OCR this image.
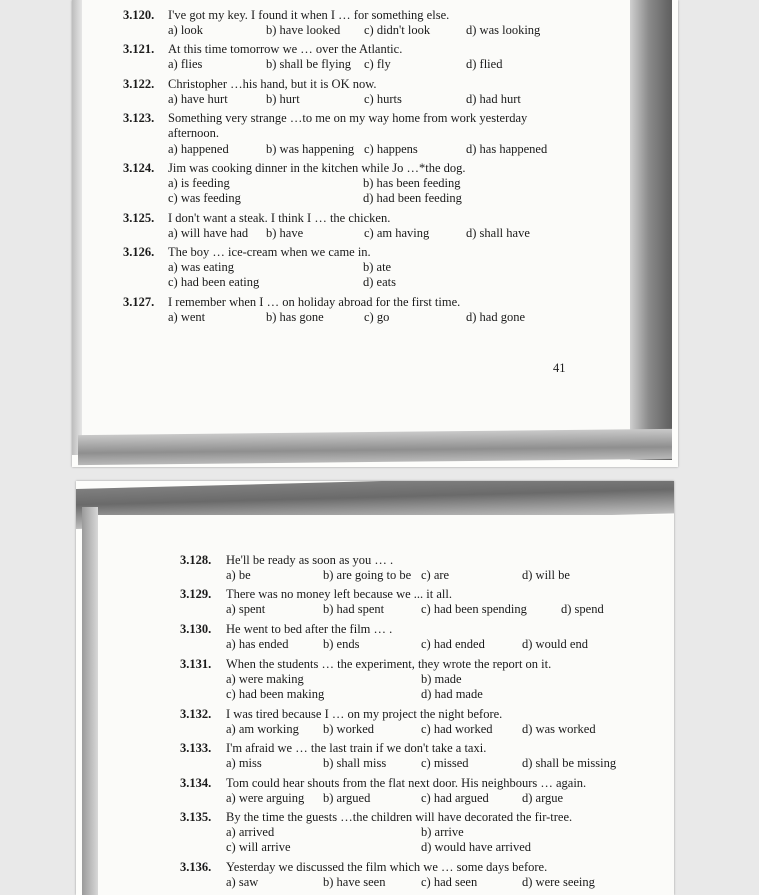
3.120. I've got my key. I found it when I … for something else.
a) look	b) have looked c) didn't look	d) was looking
3.121. At this time tomorrow we … over the Atlantic.
a) flies	b) shall be flying c) fly	d) flied
3.122. Christopher …his hand, but it is OK now.
a) have hurt	b) hurt	c) hurts	d) had hurt
3.123. Something very strange …to me on my way home from work yesterday afternoon.
a) happened	b) was happening c) happens	d) has happened
3.124. Jim was cooking dinner in the kitchen while Jo …*the dog.
a) is feeding	b) has been feeding
c) was feeding	d) had been feeding
3.125. I don't want a steak. I think I … the chicken.
a) will have had b) have	c) am having	d) shall have
3.126. The boy … ice-cream when we came in.
a) was eating	b) ate
c) had been eating	d) eats
3.127. I remember when I … on holiday abroad for the first time.
a) went	b) has gone	c) go	d) had gone
41
3.128. He'll be ready as soon as you … .
a) be	b) are going to be c) are	d) will be
3.129. There was no money left because we ... it all.
a) spent	b) had spent	c) had been spending	d) spend
3.130. He went to bed after the film … .
a) has ended	b) ends	c) had ended	d) would end
3.131. When the students … the experiment, they wrote the report on it.
a) were making	b) made
c) had been making	d) had made
3.132. I was tired because I … on my project the night before.
a) am working b) worked	c) had worked d) was worked
3.133. I'm afraid we … the last train if we don't take a taxi.
a) miss	b) shall miss	c) missed	d) shall be missing
3.134. Tom could hear shouts from the flat next door. His neighbours … again.
a) were arguing b) argued	c) had argued	d) argue
3.135. By the time the guests …the children will have decorated the fir-tree.
a) arrived	b) arrive
c) will arrive	d) would have arrived
3.136. Yesterday we discussed the film which we … some days before.
a) saw	b) have seen	c) had seen	d) were seeing
